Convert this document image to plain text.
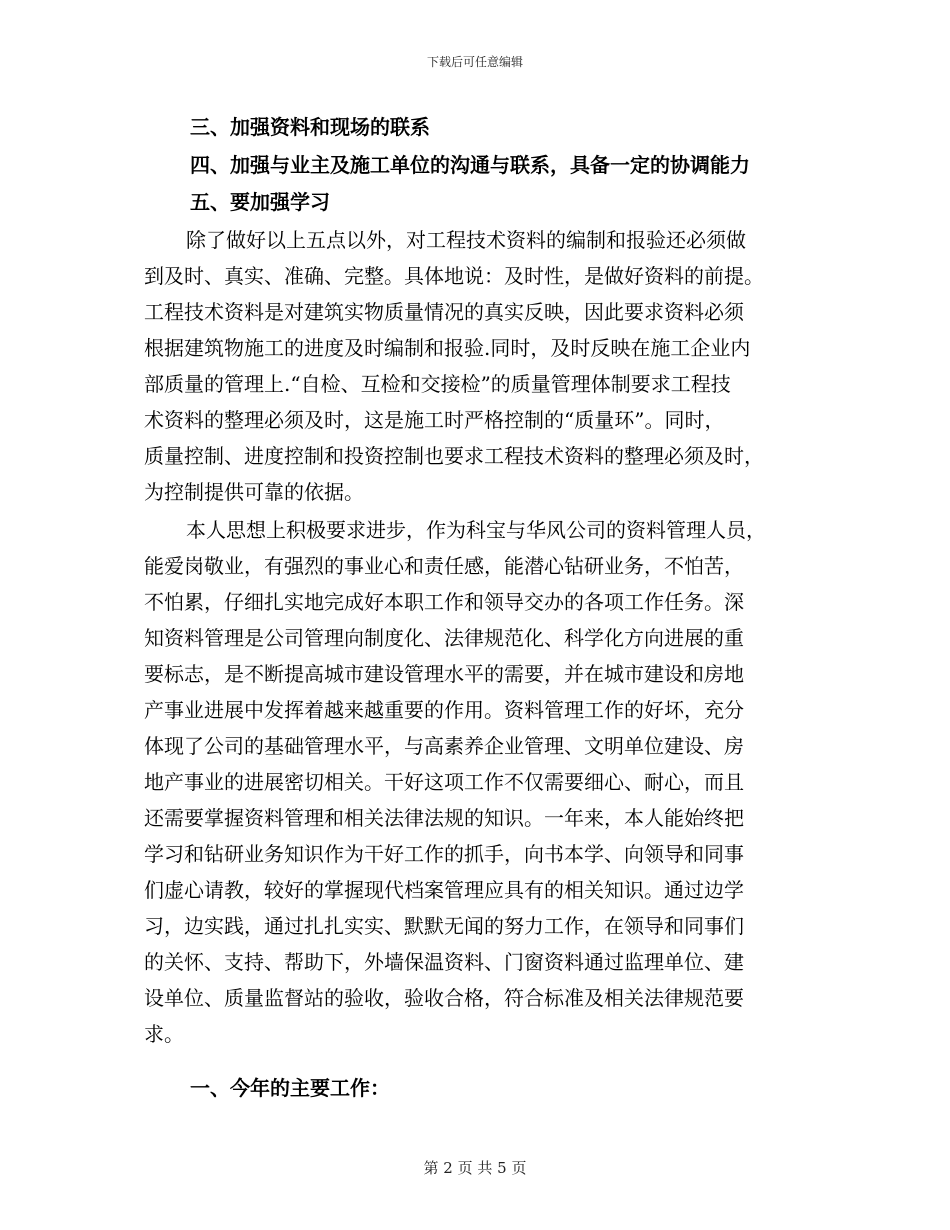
下载后可任意编辑
三、加强资料和现场的联系
四、加强与业主及施工单位的沟通与联系，具备一定的协调能力
五、要加强学习
除了做好以上五点以外，对工程技术资料的编制和报验还必须做
到及时、真实、准确、完整。具体地说：及时性，是做好资料的前提。
工程技术资料是对建筑实物质量情况的真实反映，因此要求资料必须
根据建筑物施工的进度及时编制和报验.同时，及时反映在施工企业内
部质量的管理上.“自检、互检和交接检”的质量管理体制要求工程技
术资料的整理必须及时，这是施工时严格控制的“质量环”。同时，
质量控制、进度控制和投资控制也要求工程技术资料的整理必须及时，
为控制提供可靠的依据。
本人思想上积极要求进步，作为科宝与华风公司的资料管理人员，
能爱岗敬业，有强烈的事业心和责任感，能潜心钻研业务，不怕苦，
不怕累，仔细扎实地完成好本职工作和领导交办的各项工作任务。深
知资料管理是公司管理向制度化、法律规范化、科学化方向进展的重
要标志，是不断提高城市建设管理水平的需要，并在城市建设和房地
产事业进展中发挥着越来越重要的作用。资料管理工作的好坏，充分
体现了公司的基础管理水平，与高素养企业管理、文明单位建设、房
地产事业的进展密切相关。干好这项工作不仅需要细心、耐心，而且
还需要掌握资料管理和相关法律法规的知识。一年来，本人能始终把
学习和钻研业务知识作为干好工作的抓手，向书本学、向领导和同事
们虚心请教，较好的掌握现代档案管理应具有的相关知识。通过边学
习，边实践，通过扎扎实实、默默无闻的努力工作，在领导和同事们
的关怀、支持、帮助下，外墙保温资料、门窗资料通过监理单位、建
设单位、质量监督站的验收，验收合格，符合标准及相关法律规范要
求。
一、今年的主要工作：
第 2 页 共 5 页
